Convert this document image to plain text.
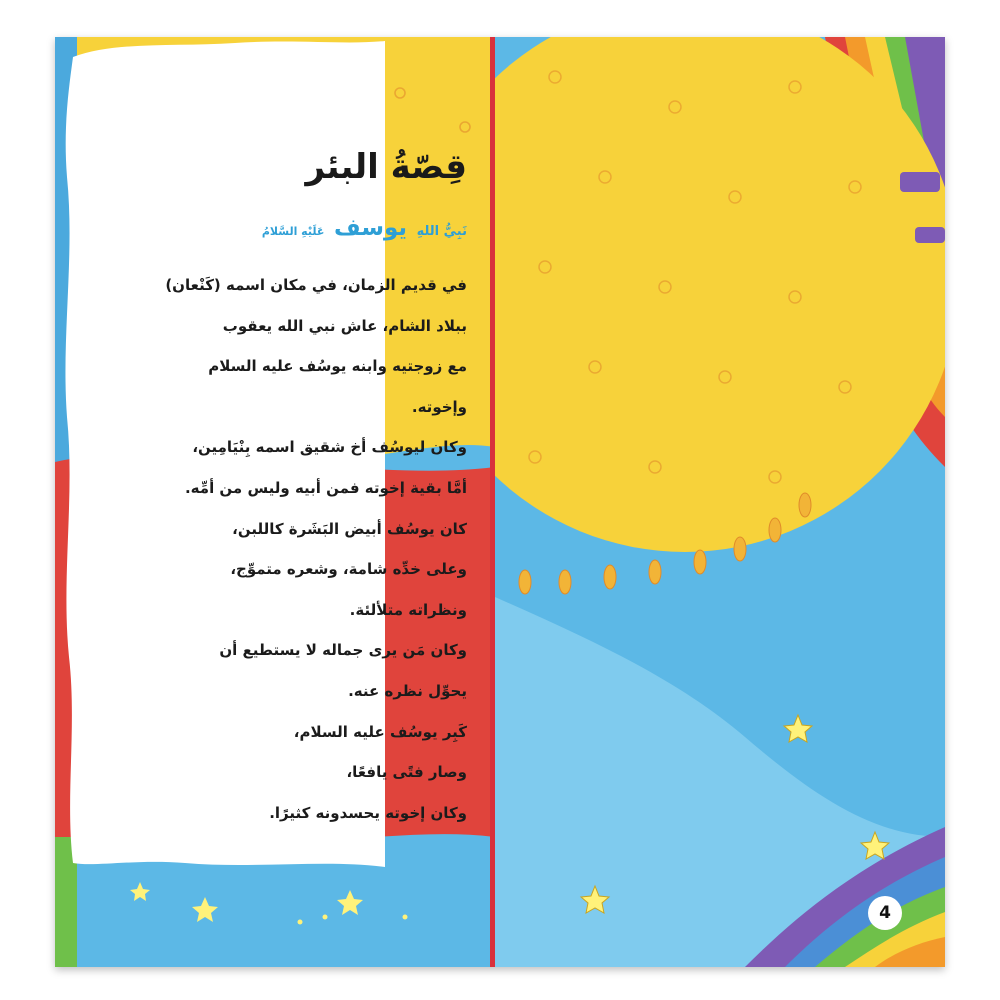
قِصّةُ البئر
نَبِيُّ اللهِ يوسف عَلَيْهِ السَّلامُ
في قديم الزمان، في مكان اسمه (كَنْعان)
ببلاد الشام، عاش نبي الله يعقوب
مع زوجتيه وابنه يوسُف عليه السلام
وإخوته.
وكان ليوسُف أخ شقيق اسمه بِنْيَامِين،
أمَّا بقية إخوته فمن أبيه وليس من أمِّه.
كان يوسُف أبيض البَشَرة كاللبن،
وعلى خدِّه شامة، وشعره متموِّج،
ونظراته متلألئة.
وكان مَن يرى جماله لا يستطيع أن
يحوِّل نظره عنه.
كَبِر يوسُف عليه السلام،
وصار فتًى يافعًا،
وكان إخوته يحسدونه كثيرًا.
4
